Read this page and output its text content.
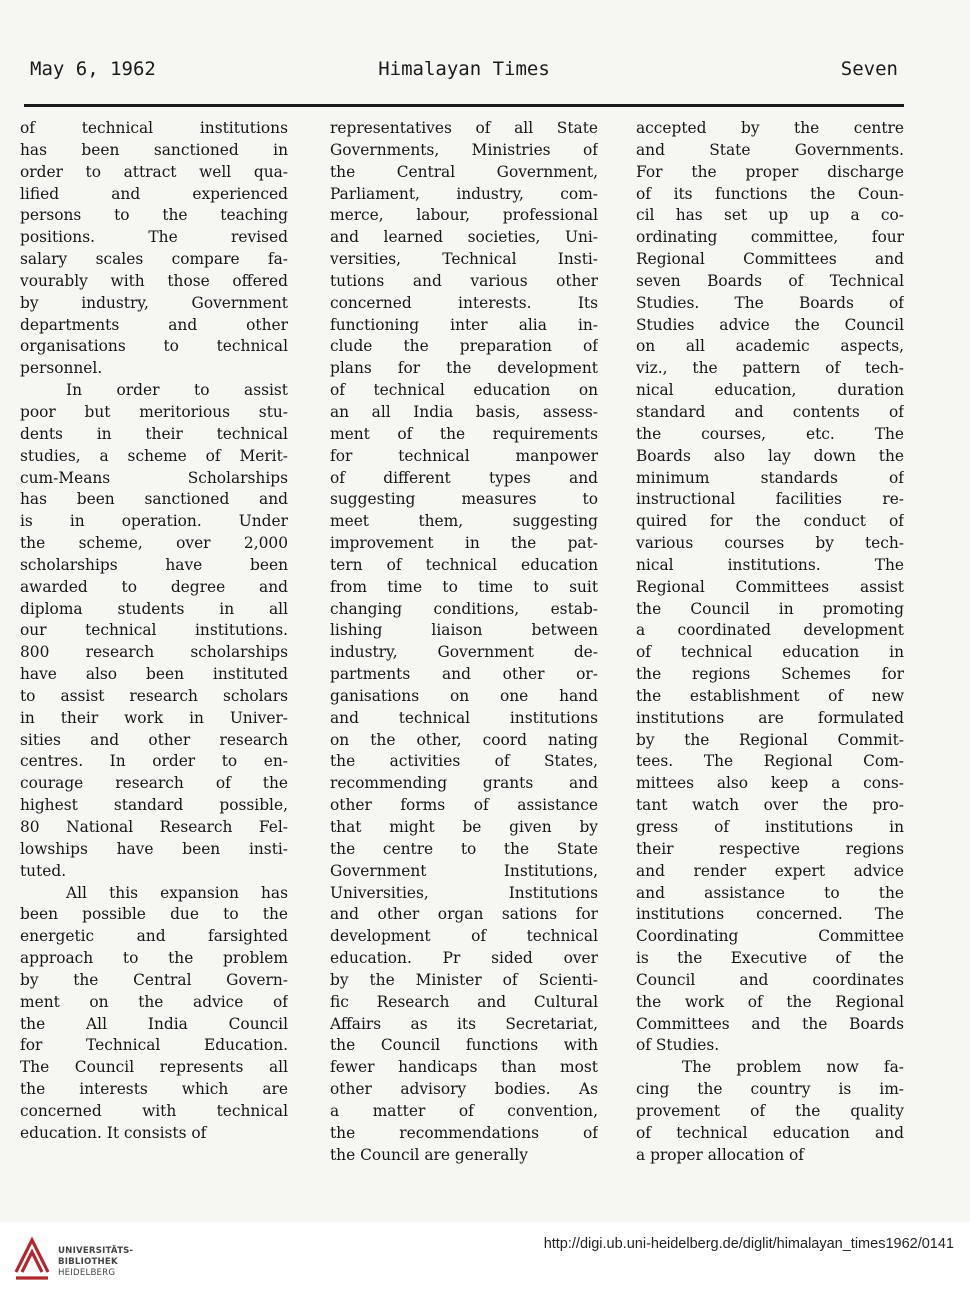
May 6, 1962	Himalayan Times	Seven

of technical institutions
has been sanctioned in
order to attract well qua-
lified and experienced
persons to the teaching
positions. The revised
salary scales compare fa-
vourably with those offered
by industry, Government
departments and other
organisations to technical
personnel.

In order to assist
poor but meritorious stu-
dents in their technical
studies, a scheme of Merit-
cum-Means Scholarships
has been sanctioned and
is in operation. Under
the scheme, over 2,000
scholarships have been
awarded to degree and
diploma students in all
our technical institutions.
800 research scholarships
have also been instituted
to assist research scholars
in their work in Univer-
sities and other research
centres. In order to en-
courage research of the
highest standard possible,
80 National Research Fel-
lowships have been insti-
tuted.

All this expansion has
been possible due to the
energetic and farsighted
approach to the problem
by the Central Govern-
ment on the advice of
the All India Council
for Technical Education.
The Council represents all
the interests which are
concerned with technical
education. It consists of

representatives of all State
Governments, Ministries of
the Central Government,
Parliament, industry, com-
merce, labour, professional
and learned societies, Uni-
versities, Technical Insti-
tutions and various other
concerned interests. Its
functioning inter alia in-
clude the preparation of
plans for the development
of technical education on
an all India basis, assess-
ment of the requirements
for technical manpower
of different types and
suggesting measures to
meet them, suggesting
improvement in the pat-
tern of technical education
from time to time to suit
changing conditions, estab-
lishing liaison between
industry, Government de-
partments and other or-
ganisations on one hand
and technical institutions
on the other, coord nating
the activities of States,
recommending grants and
other forms of assistance
that might be given by
the centre to the State
Government Institutions,
Universities, Institutions
and other organ sations for
development of technical
education. Pr sided over
by the Minister of Scienti-
fic Research and Cultural
Affairs as its Secretariat,
the Council functions with
fewer handicaps than most
other advisory bodies. As
a matter of convention,
the recommendations of
the Council are generally

accepted by the centre
and State Governments.
For the proper discharge
of its functions the Coun-
cil has set up up a co-
ordinating committee, four
Regional Committees and
seven Boards of Technical
Studies. The Boards of
Studies advice the Council
on all academic aspects,
viz., the pattern of tech-
nical education, duration
standard and contents of
the courses, etc. The
Boards also lay down the
minimum standards of
instructional facilities re-
quired for the conduct of
various courses by tech-
nical institutions. The
Regional Committees assist
the Council in promoting
a coordinated development
of technical education in
the regions Schemes for
the establishment of new
institutions are formulated
by the Regional Commit-
tees. The Regional Com-
mittees also keep a cons-
tant watch over the pro-
gress of institutions in
their respective regions
and render expert advice
and assistance to the
institutions concerned. The
Coordinating Committee
is the Executive of the
Council and coordinates
the work of the Regional
Committees and the Boards
of Studies.

The problem now fa-
cing the country is im-
provement of the quality
of technical education and
a proper allocation of

UNIVERSITÄTS-
BIBLIOTHEK
HEIDELBERG
http://digi.ub.uni-heidelberg.de/diglit/himalayan_times1962/0141
